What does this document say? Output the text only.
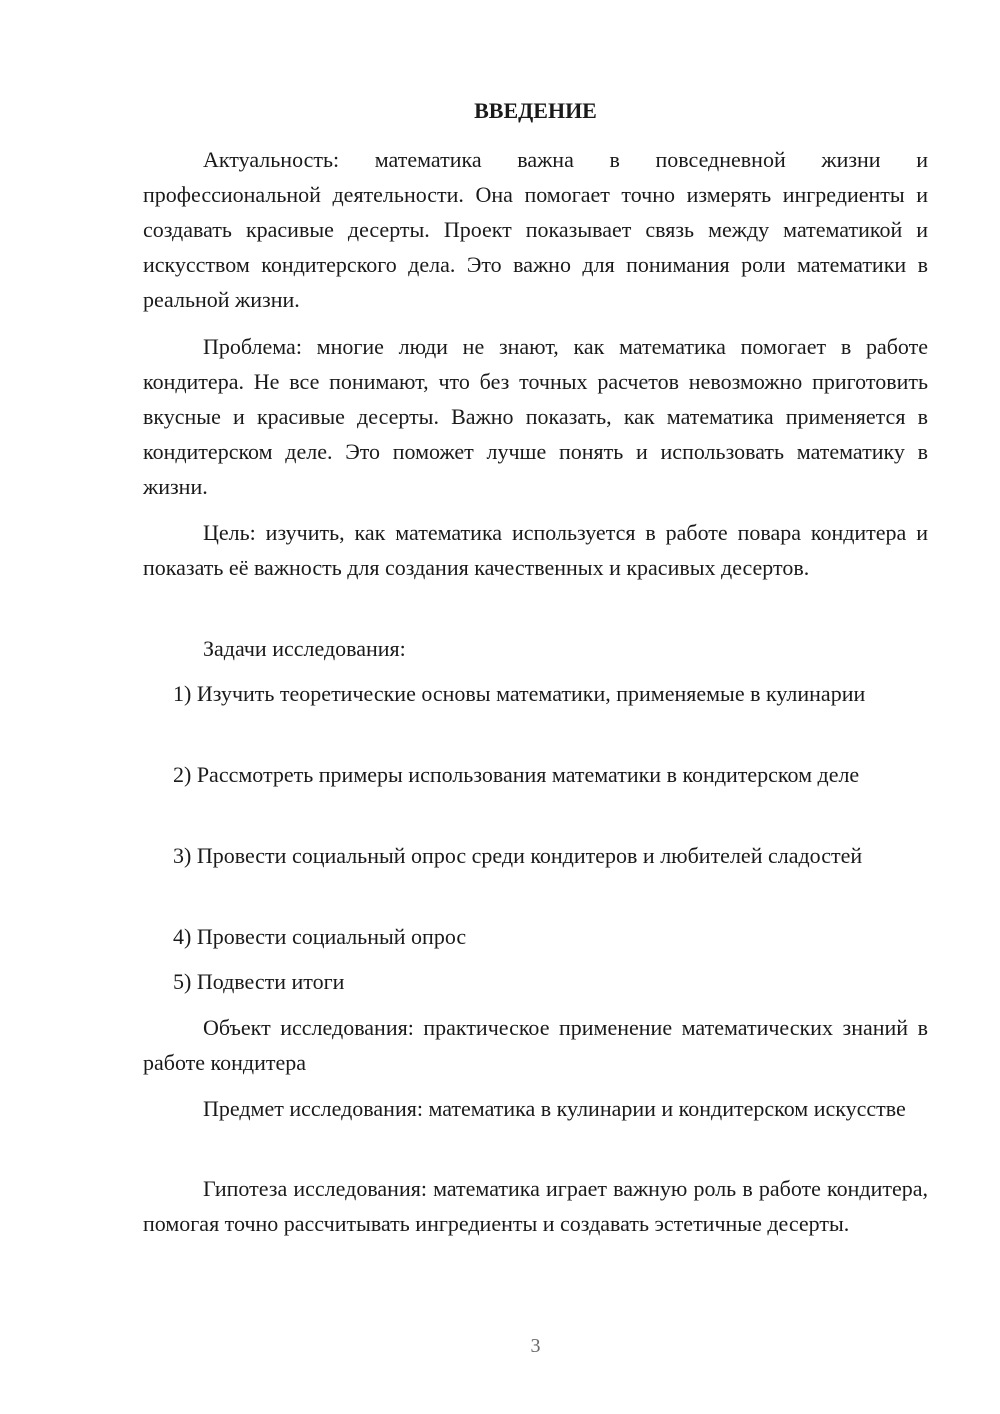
ВВЕДЕНИЕ

Актуальность: математика важна в повседневной жизни и профессиональной деятельности. Она помогает точно измерять ингредиенты и создавать красивые десерты. Проект показывает связь между математикой и искусством кондитерского дела. Это важно для понимания роли математики в реальной жизни.

Проблема: многие люди не знают, как математика помогает в работе кондитера. Не все понимают, что без точных расчетов невозможно приготовить вкусные и красивые десерты. Важно показать, как математика применяется в кондитерском деле. Это поможет лучше понять и использовать математику в жизни.

Цель: изучить, как математика используется в работе повара кондитера и показать её важность для создания качественных и красивых десертов.

Задачи исследования:

1) Изучить теоретические основы математики, применяемые в кулинарии

2) Рассмотреть примеры использования математики в кондитерском деле

3) Провести социальный опрос среди кондитеров и любителей сладостей

4) Провести социальный опрос

5) Подвести итоги

Объект исследования: практическое применение математических знаний в работе кондитера

Предмет исследования: математика в кулинарии и кондитерском искусстве

Гипотеза исследования: математика играет важную роль в работе кондитера, помогая точно рассчитывать ингредиенты и создавать эстетичные десерты.

3
